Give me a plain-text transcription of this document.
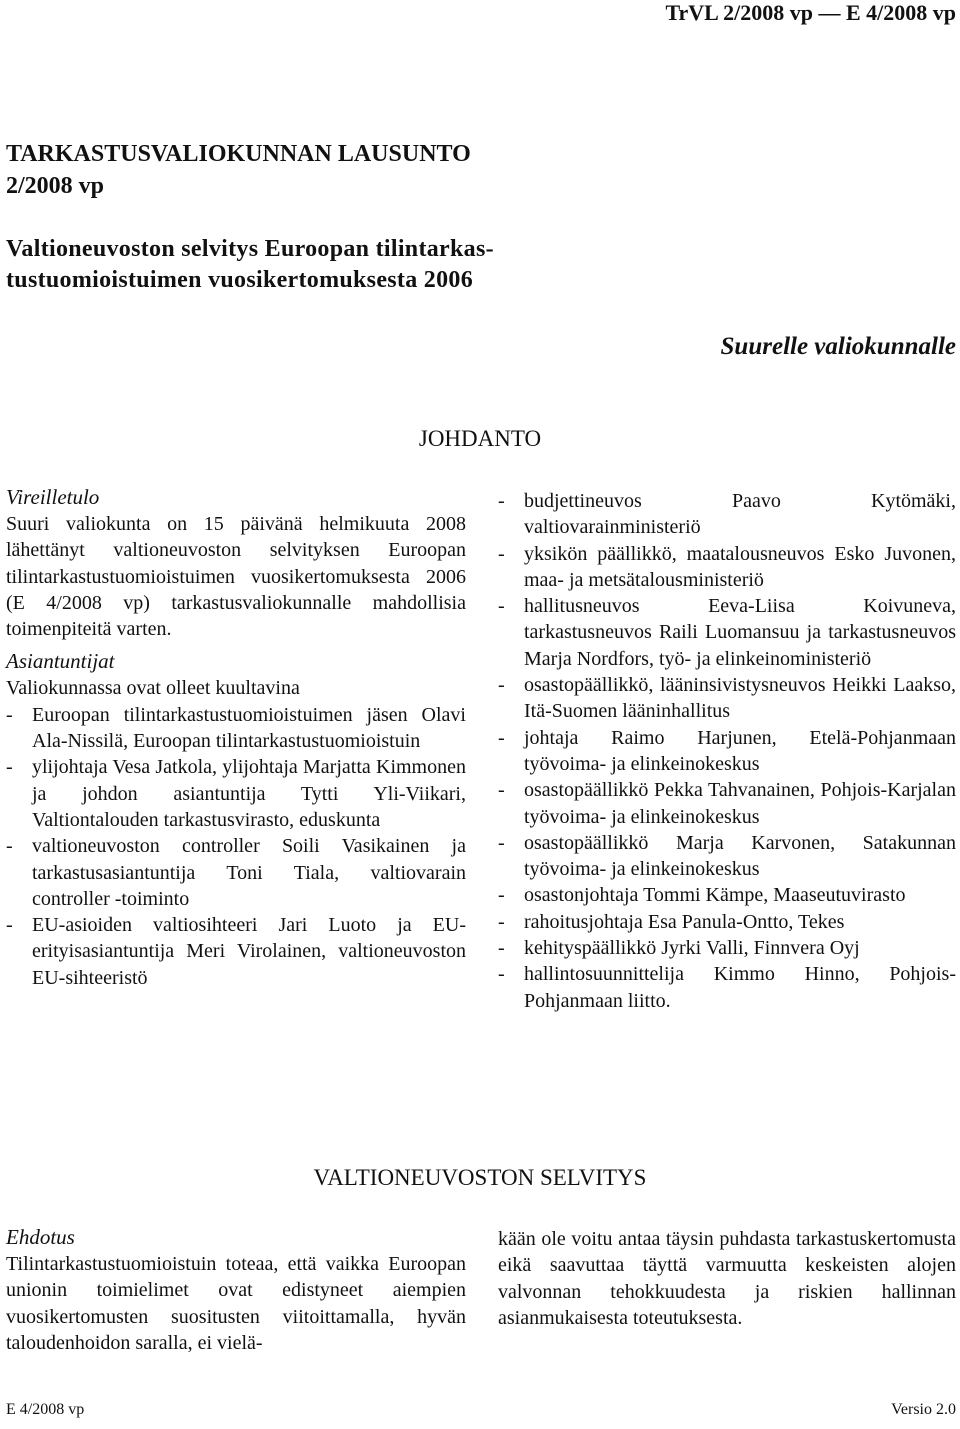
TrVL 2/2008 vp — E 4/2008 vp
TARKASTUSVALIOKUNNAN LAUSUNTO
2/2008 vp
Valtioneuvoston selvitys Euroopan tilintarkas-
tustuomioistuimen vuosikertomuksesta 2006
Suurelle valiokunnalle
JOHDANTO
Vireilletulo

Suuri valiokunta on 15 päivänä helmikuuta 2008 lähettänyt valtioneuvoston selvityksen Euroopan tilintarkastustuomioistuimen vuosikertomuksesta 2006 (E 4/2008 vp) tarkastusvaliokunnalle mahdollisia toimenpiteitä varten.

Asiantuntijat

Valiokunnassa ovat olleet kuultavina

- Euroopan tilintarkastustuomioistuimen jäsen Olavi Ala-Nissilä, Euroopan tilintarkastustuomioistuin
- ylijohtaja Vesa Jatkola, ylijohtaja Marjatta Kimmonen ja johdon asiantuntija Tytti Yli-Viikari, Valtiontalouden tarkastusvirasto, eduskunta
- valtioneuvoston controller Soili Vasikainen ja tarkastusasiantuntija Toni Tiala, valtiovarain controller -toiminto
- EU-asioiden valtiosihteeri Jari Luoto ja EU-erityisasiantuntija Meri Virolainen, valtioneuvoston EU-sihteeristö
- budjettineuvos Paavo Kytömäki, valtiovarainministeriö
- yksikön päällikkö, maatalousneuvos Esko Juvonen, maa- ja metsätalousministeriö
- hallitusneuvos Eeva-Liisa Koivuneva, tarkastusneuvos Raili Luomansuu ja tarkastusneuvos Marja Nordfors, työ- ja elinkeinoministeriö
- osastopäällikkö, lääninsivistysneuvos Heikki Laakso, Itä-Suomen lääninhallitus
- johtaja Raimo Harjunen, Etelä-Pohjanmaan työvoima- ja elinkeinokeskus
- osastopäällikkö Pekka Tahvanainen, Pohjois-Karjalan työvoima- ja elinkeinokeskus
- osastopäällikkö Marja Karvonen, Satakunnan työvoima- ja elinkeinokeskus
- osastonjohtaja Tommi Kämpe, Maaseutuvirasto
- rahoitusjohtaja Esa Panula-Ontto, Tekes
- kehityspäällikkö Jyrki Valli, Finnvera Oyj
- hallintosuunnittelija Kimmo Hinno, Pohjois-Pohjanmaan liitto.
VALTIONEUVOSTON SELVITYS
Ehdotus

Tilintarkastustuomioistuin toteaa, että vaikka Euroopan unionin toimielimet ovat edistyneet aiempien vuosikertomusten suositusten viitoittamalla, hyvän taloudenhoidon saralla, ei vielä-

kään ole voitu antaa täysin puhdasta tarkastuskertomusta eikä saavuttaa täyttä varmuutta keskeisten alojen valvonnan tehokkuudesta ja riskien hallinnan asianmukaisesta toteutuksesta.

E 4/2008 vp	Versio 2.0
